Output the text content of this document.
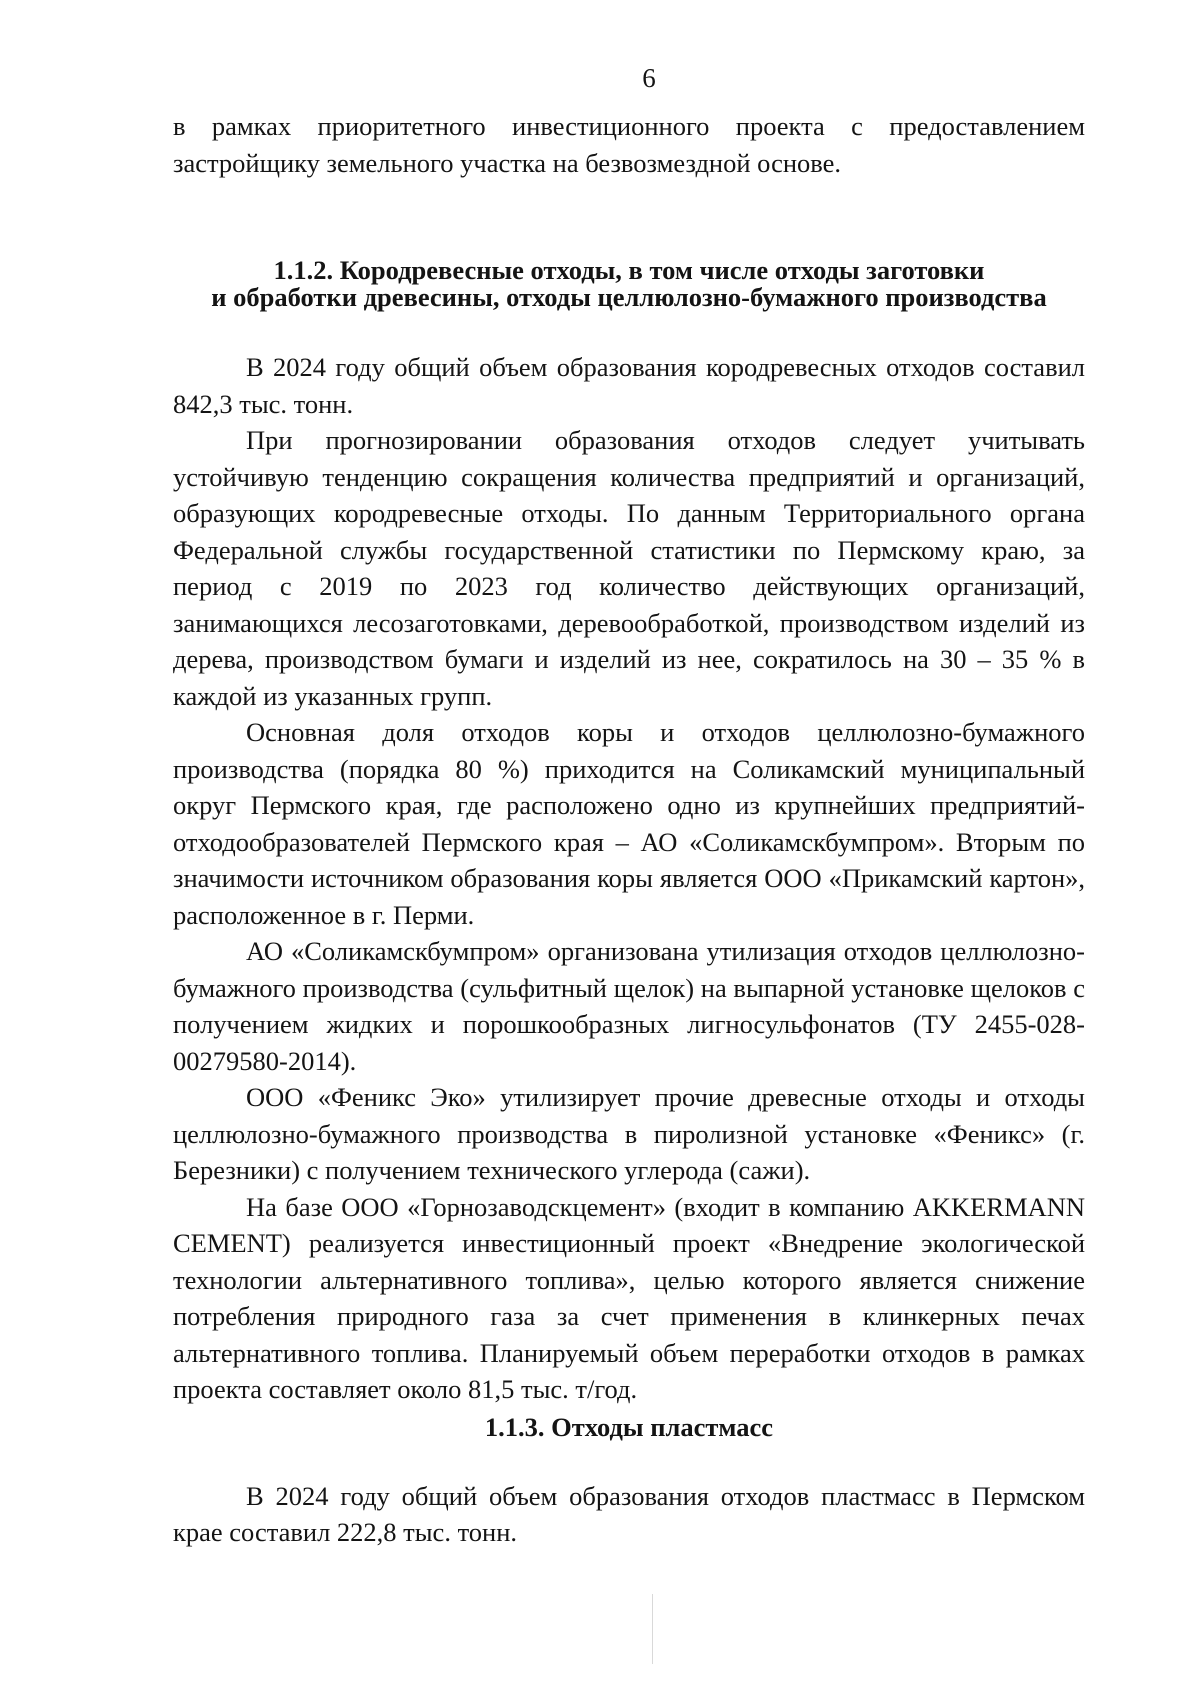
6

в рамках приоритетного инвестиционного проекта с предоставлением застройщику земельного участка на безвозмездной основе.

1.1.2. Кородревесные отходы, в том числе отходы заготовки
и обработки древесины, отходы целлюлозно-бумажного производства

В 2024 году общий объем образования кородревесных отходов составил 842,3 тыс. тонн.

При прогнозировании образования отходов следует учитывать устойчивую тенденцию сокращения количества предприятий и организаций, образующих кородревесные отходы. По данным Территориального органа Федеральной службы государственной статистики по Пермскому краю, за период с 2019 по 2023 год количество действующих организаций, занимающихся лесозаготовками, деревообработкой, производством изделий из дерева, производством бумаги и изделий из нее, сократилось на 30 – 35 % в каждой из указанных групп.

Основная доля отходов коры и отходов целлюлозно-бумажного производства (порядка 80 %) приходится на Соликамский муниципальный округ Пермского края, где расположено одно из крупнейших предприятий-отходообразователей Пермского края – АО «Соликамскбумпром». Вторым по значимости источником образования коры является ООО «Прикамский картон», расположенное в г. Перми.

АО «Соликамскбумпром» организована утилизация отходов целлюлозно-бумажного производства (сульфитный щелок) на выпарной установке щелоков с получением жидких и порошкообразных лигносульфонатов (ТУ 2455-028-00279580-2014).

ООО «Феникс Эко» утилизирует прочие древесные отходы и отходы целлюлозно-бумажного производства в пиролизной установке «Феникс» (г. Березники) с получением технического углерода (сажи).

На базе ООО «Горнозаводскцемент» (входит в компанию AKKERMANN CEMENT) реализуется инвестиционный проект «Внедрение экологической технологии альтернативного топлива», целью которого является снижение потребления природного газа за счет применения в клинкерных печах альтернативного топлива. Планируемый объем переработки отходов в рамках проекта составляет около 81,5 тыс. т/год.

1.1.3. Отходы пластмасс

В 2024 году общий объем образования отходов пластмасс в Пермском крае составил 222,8 тыс. тонн.
